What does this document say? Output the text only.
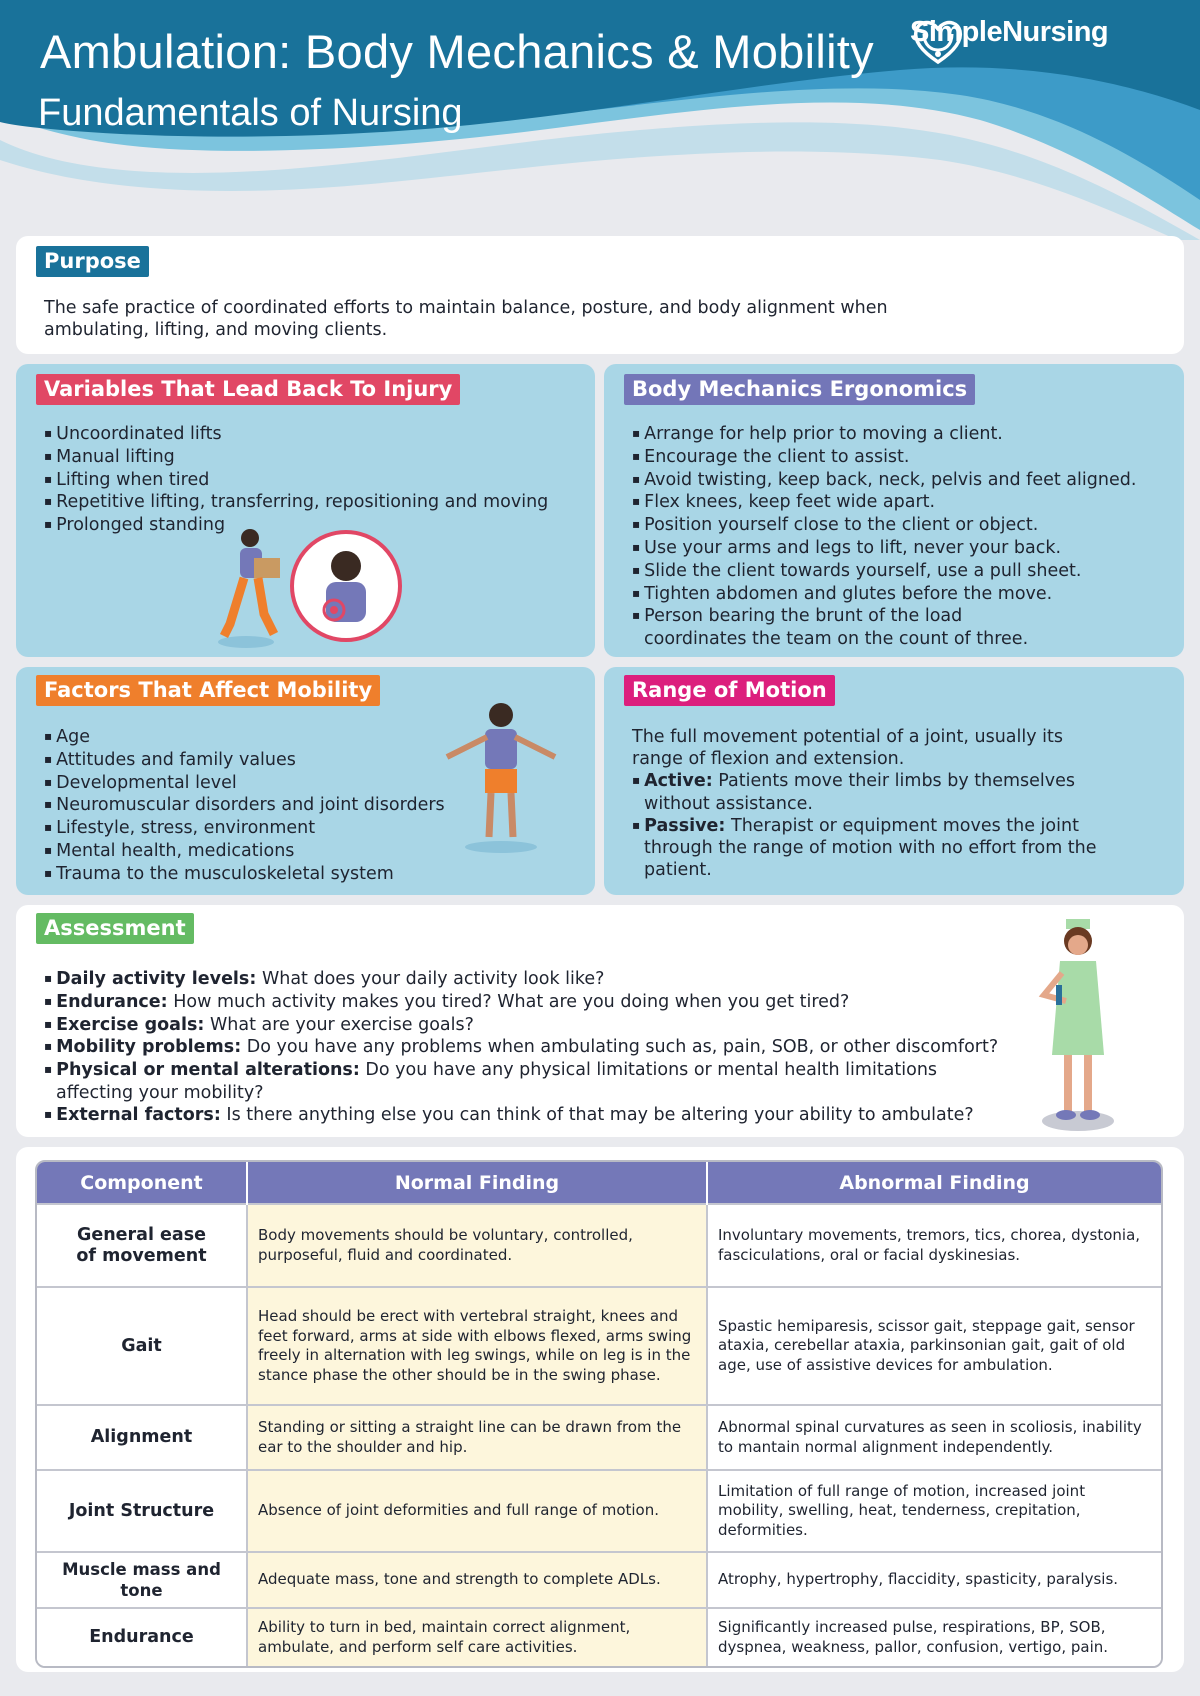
Ambulation: Body Mechanics & Mobility
Fundamentals of Nursing
SimpleNursing
Purpose
The safe practice of coordinated efforts to maintain balance, posture, and body alignment when ambulating, lifting, and moving clients.
Variables That Lead Back To Injury
▪ Uncoordinated lifts
▪ Manual lifting
▪ Lifting when tired
▪ Repetitive lifting, transferring, repositioning and moving
▪ Prolonged standing
Body Mechanics Ergonomics
▪ Arrange for help prior to moving a client.
▪ Encourage the client to assist.
▪ Avoid twisting, keep back, neck, pelvis and feet aligned.
▪ Flex knees, keep feet wide apart.
▪ Position yourself close to the client or object.
▪ Use your arms and legs to lift, never your back.
▪ Slide the client towards yourself, use a pull sheet.
▪ Tighten abdomen and glutes before the move.
▪ Person bearing the brunt of the load coordinates the team on the count of three.
Factors That Affect Mobility
▪ Age
▪ Attitudes and family values
▪ Developmental level
▪ Neuromuscular disorders and joint disorders
▪ Lifestyle, stress, environment
▪ Mental health, medications
▪ Trauma to the musculoskeletal system
Range of Motion
The full movement potential of a joint, usually its range of flexion and extension.
▪ Active: Patients move their limbs by themselves without assistance.
▪ Passive: Therapist or equipment moves the joint through the range of motion with no effort from the patient.
Assessment
▪ Daily activity levels: What does your daily activity look like?
▪ Endurance: How much activity makes you tired? What are you doing when you get tired?
▪ Exercise goals: What are your exercise goals?
▪ Mobility problems: Do you have any problems when ambulating such as, pain, SOB, or other discomfort?
▪ Physical or mental alterations: Do you have any physical limitations or mental health limitations affecting your mobility?
▪ External factors: Is there anything else you can think of that may be altering your ability to ambulate?
Component	Normal Finding	Abnormal Finding
General ease of movement	Body movements should be voluntary, controlled, purposeful, fluid and coordinated.	Involuntary movements, tremors, tics, chorea, dystonia, fasciculations, oral or facial dyskinesias.
Gait	Head should be erect with vertebral straight, knees and feet forward, arms at side with elbows flexed, arms swing freely in alternation with leg swings, while on leg is in the stance phase the other should be in the swing phase.	Spastic hemiparesis, scissor gait, steppage gait, sensor ataxia, cerebellar ataxia, parkinsonian gait, gait of old age, use of assistive devices for ambulation.
Alignment	Standing or sitting a straight line can be drawn from the ear to the shoulder and hip.	Abnormal spinal curvatures as seen in scoliosis, inability to mantain normal alignment independently.
Joint Structure	Absence of joint deformities and full range of motion.	Limitation of full range of motion, increased joint mobility, swelling, heat, tenderness, crepitation, deformities.
Muscle mass and tone	Adequate mass, tone and strength to complete ADLs.	Atrophy, hypertrophy, flaccidity, spasticity, paralysis.
Endurance	Ability to turn in bed, maintain correct alignment, ambulate, and perform self care activities.	Significantly increased pulse, respirations, BP, SOB, dyspnea, weakness, pallor, confusion, vertigo, pain.
